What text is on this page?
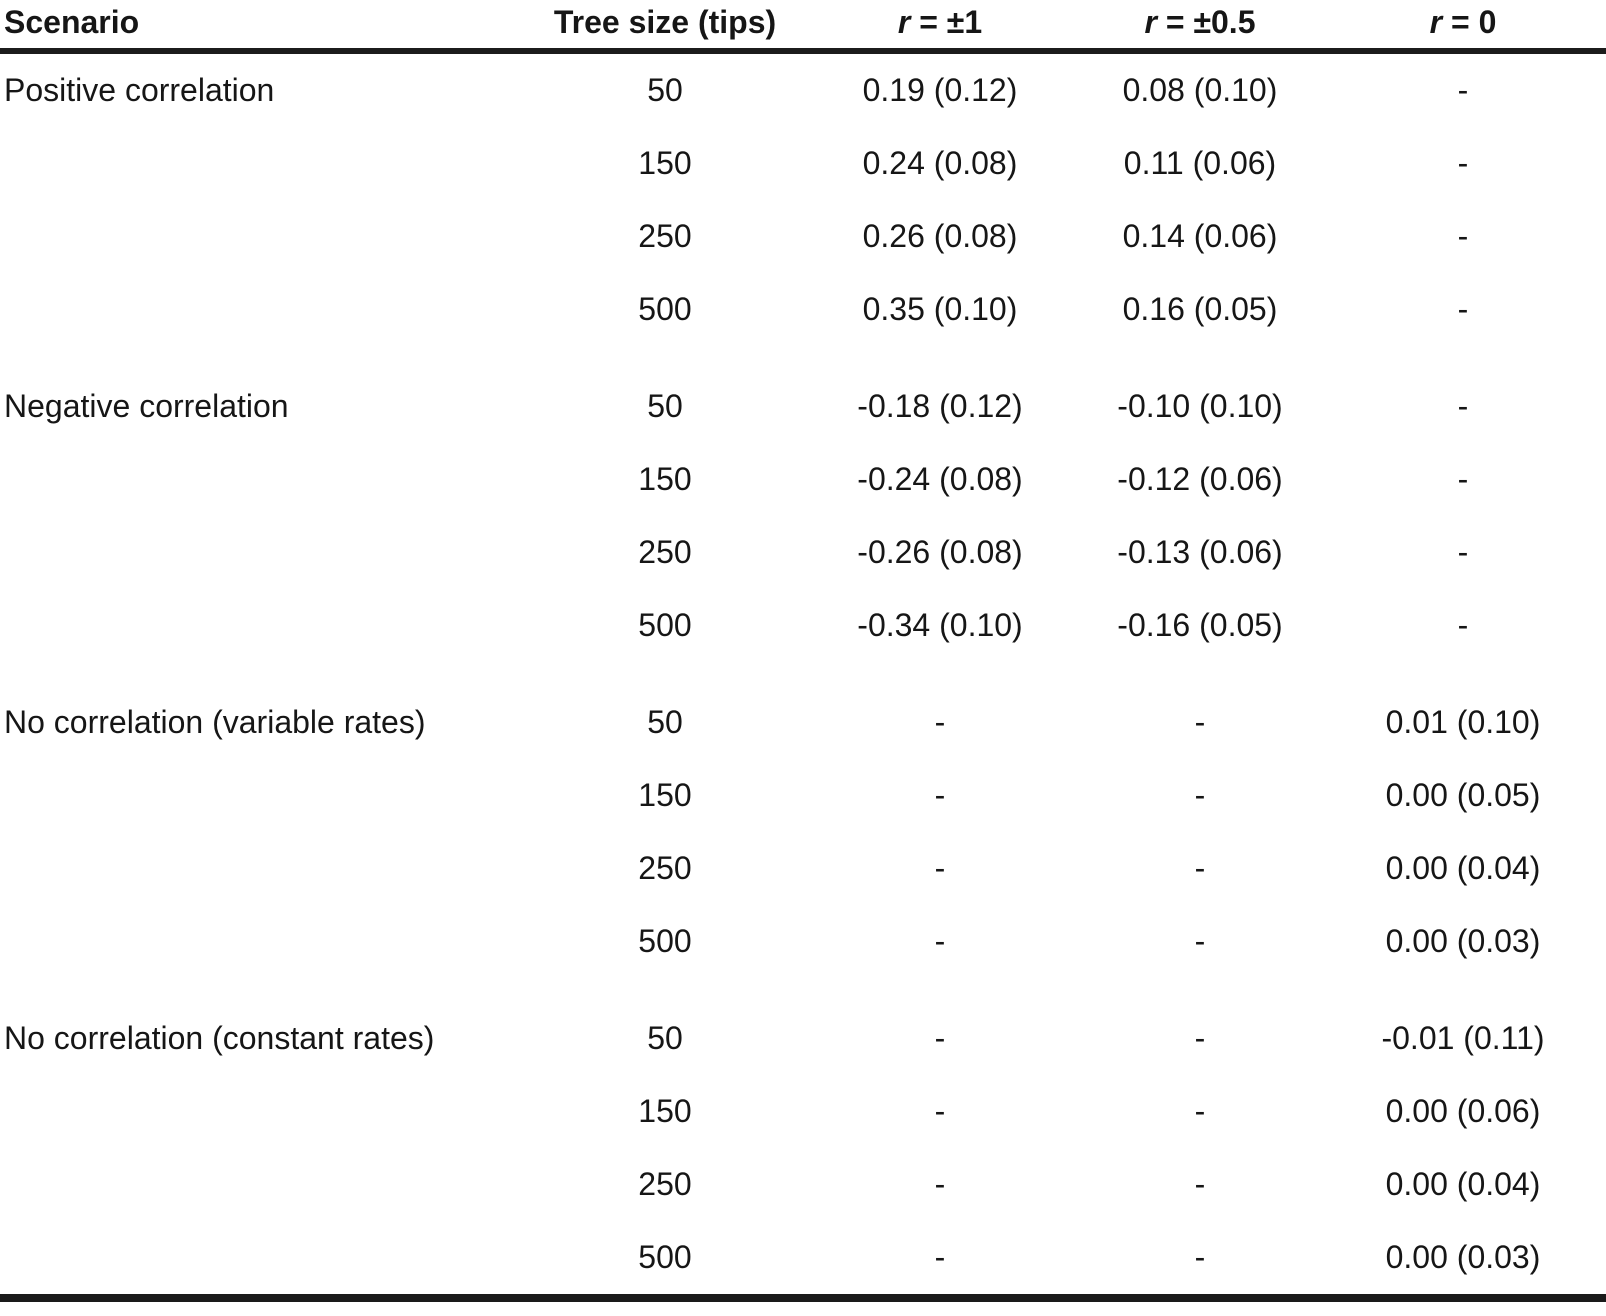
Scenario	Tree size (tips)	r = ±1	r = ±0.5	r = 0
Positive correlation	50	0.19 (0.12)	0.08 (0.10)	-
	150	0.24 (0.08)	0.11 (0.06)	-
	250	0.26 (0.08)	0.14 (0.06)	-
	500	0.35 (0.10)	0.16 (0.05)	-
Negative correlation	50	-0.18 (0.12)	-0.10 (0.10)	-
	150	-0.24 (0.08)	-0.12 (0.06)	-
	250	-0.26 (0.08)	-0.13 (0.06)	-
	500	-0.34 (0.10)	-0.16 (0.05)	-
No correlation (variable rates)	50	-	-	0.01 (0.10)
	150	-	-	0.00 (0.05)
	250	-	-	0.00 (0.04)
	500	-	-	0.00 (0.03)
No correlation (constant rates)	50	-	-	-0.01 (0.11)
	150	-	-	0.00 (0.06)
	250	-	-	0.00 (0.04)
	500	-	-	0.00 (0.03)
